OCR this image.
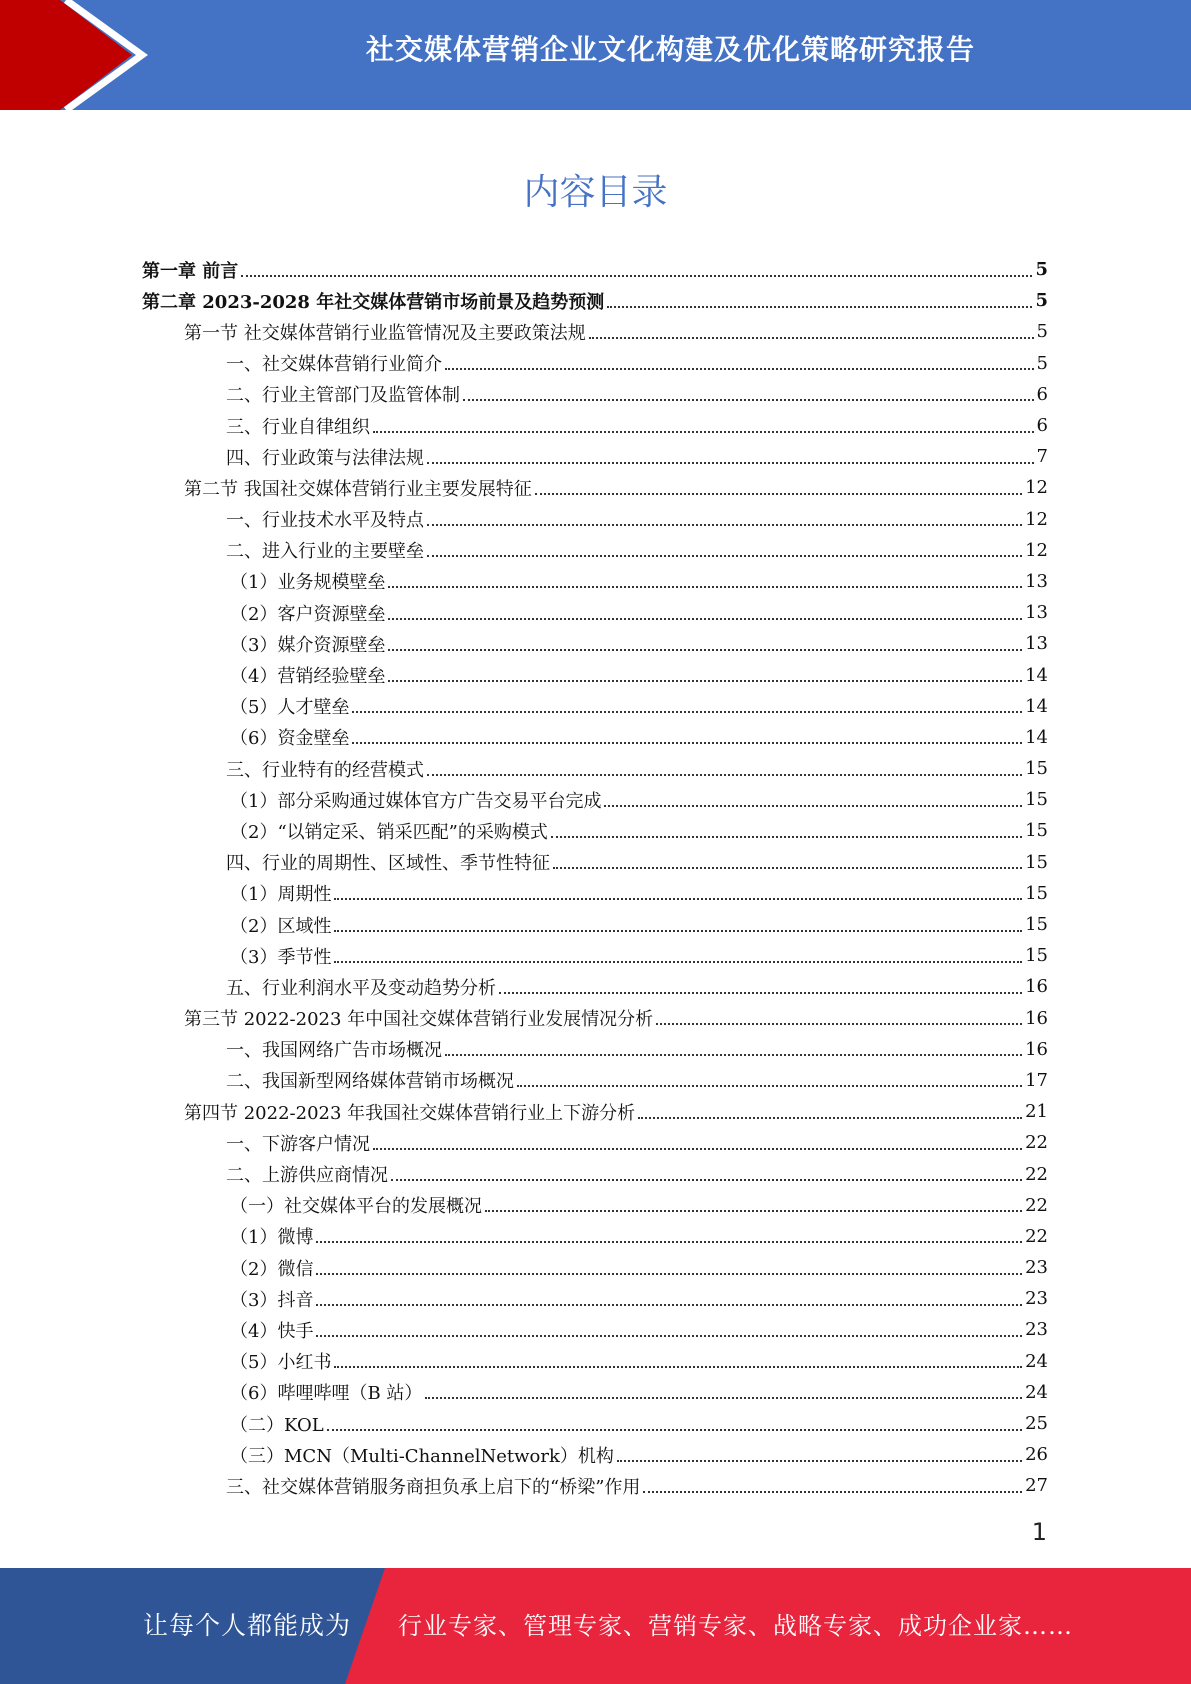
社交媒体营销企业文化构建及优化策略研究报告
内容目录
第一章 前言	5
第二章 2023-2028 年社交媒体营销市场前景及趋势预测	5
第一节 社交媒体营销行业监管情况及主要政策法规	5
一、社交媒体营销行业简介	5
二、行业主管部门及监管体制	6
三、行业自律组织	6
四、行业政策与法律法规	7
第二节 我国社交媒体营销行业主要发展特征	12
一、行业技术水平及特点	12
二、进入行业的主要壁垒	12
（1）业务规模壁垒	13
（2）客户资源壁垒	13
（3）媒介资源壁垒	13
（4）营销经验壁垒	14
（5）人才壁垒	14
（6）资金壁垒	14
三、行业特有的经营模式	15
（1）部分采购通过媒体官方广告交易平台完成	15
（2）“以销定采、销采匹配”的采购模式	15
四、行业的周期性、区域性、季节性特征	15
（1）周期性	15
（2）区域性	15
（3）季节性	15
五、行业利润水平及变动趋势分析	16
第三节 2022-2023 年中国社交媒体营销行业发展情况分析	16
一、我国网络广告市场概况	16
二、我国新型网络媒体营销市场概况	17
第四节 2022-2023 年我国社交媒体营销行业上下游分析	21
一、下游客户情况	22
二、上游供应商情况	22
（一）社交媒体平台的发展概况	22
（1）微博	22
（2）微信	23
（3）抖音	23
（4）快手	23
（5）小红书	24
（6）哔哩哔哩（B 站）	24
（二）KOL	25
（三）MCN（Multi-ChannelNetwork）机构	26
三、社交媒体营销服务商担负承上启下的“桥梁”作用	27
1
让每个人都能成为 行业专家、管理专家、营销专家、战略专家、成功企业家……
